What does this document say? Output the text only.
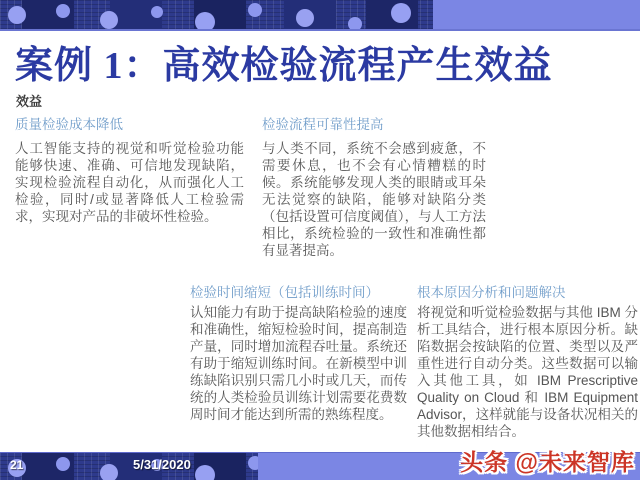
案例 1：高效检验流程产生效益
效益
质量检验成本降低
人工智能支持的视觉和听觉检验功能能够快速、准确、可信地发现缺陷，实现检验流程自动化，从而强化人工检验，同时/或显著降低人工检验需求，实现对产品的非破坏性检验。
检验流程可靠性提高
与人类不同，系统不会感到疲惫，不需要休息，也不会有心情糟糕的时候。系统能够发现人类的眼睛或耳朵无法觉察的缺陷，能够对缺陷分类（包括设置可信度阈值），与人工方法相比，系统检验的一致性和准确性都有显著提高。
检验时间缩短（包括训练时间）
认知能力有助于提高缺陷检验的速度和准确性，缩短检验时间，提高制造产量，同时增加流程吞吐量。系统还有助于缩短训练时间。在新模型中训练缺陷识别只需几小时或几天，而传统的人类检验员训练计划需要花费数周时间才能达到所需的熟练程度。
根本原因分析和问题解决
将视觉和听觉检验数据与其他 IBM 分析工具结合，进行根本原因分析。缺陷数据会按缺陷的位置、类型以及严重性进行自动分类。这些数据可以输入其他工具，如 IBM Prescriptive Quality on Cloud 和 IBM Equipment Advisor，这样就能与设备状况相关的其他数据相结合。
21	5/31/2020	头条 @未来智库
